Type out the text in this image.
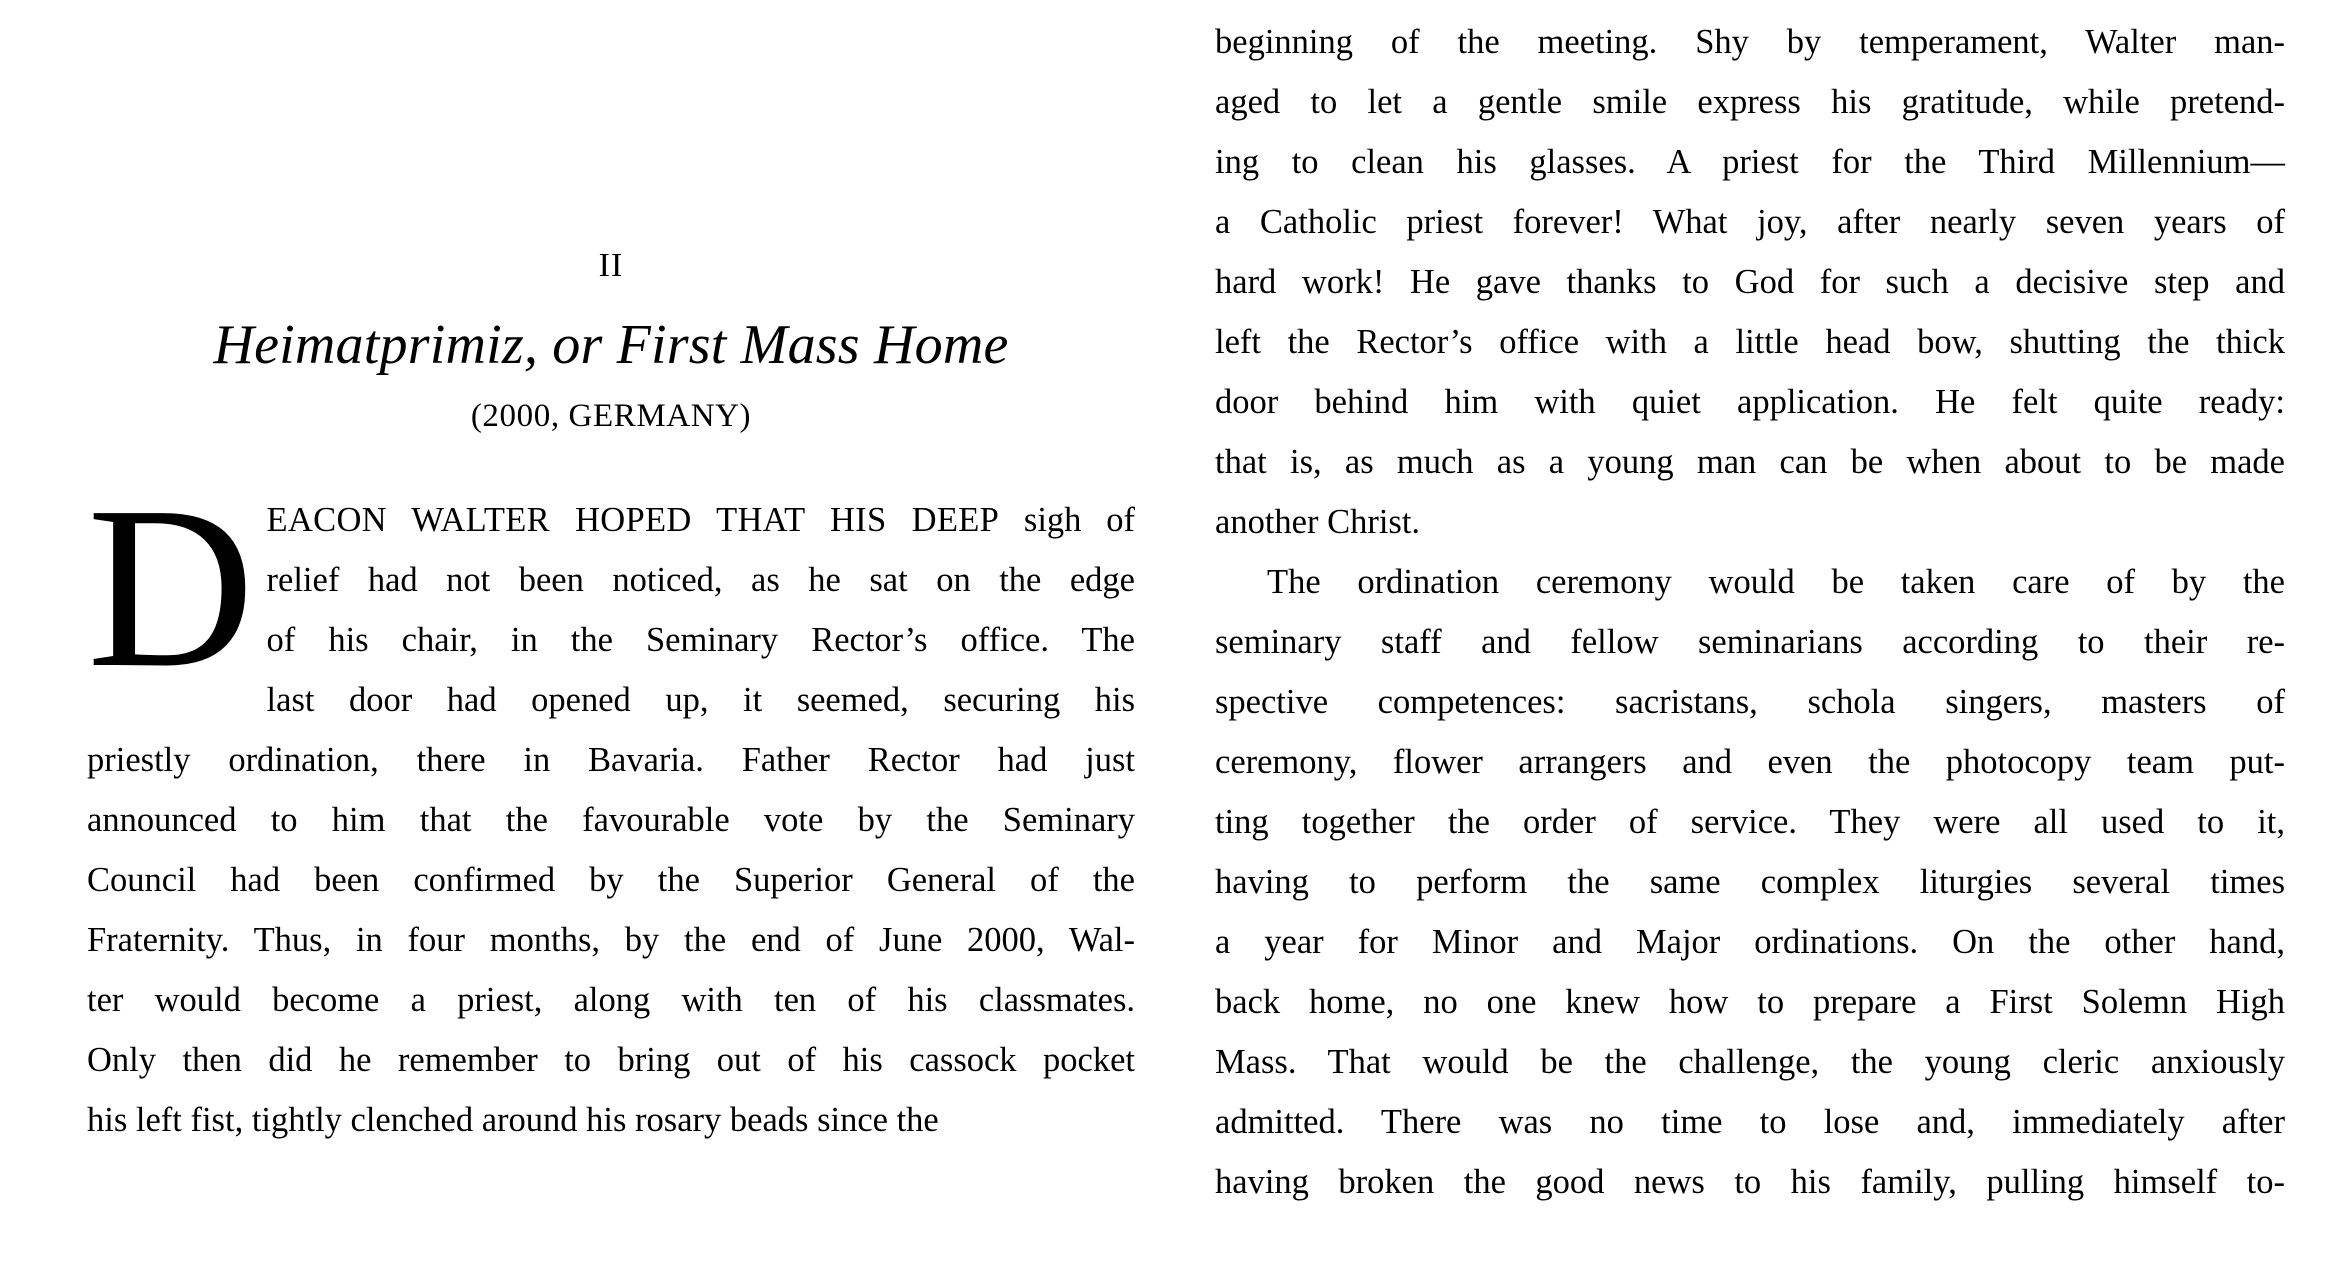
II
Heimatprimiz, or First Mass Home
(2000, GERMANY)
D EACON WALTER HOPED THAT HIS DEEP sigh of
relief had not been noticed, as he sat on the edge
of his chair, in the Seminary Rector’s office. The
last door had opened up, it seemed, securing his
priestly ordination, there in Bavaria. Father Rector had just
announced to him that the favourable vote by the Seminary
Council had been confirmed by the Superior General of the
Fraternity. Thus, in four months, by the end of June 2000, Wal-
ter would become a priest, along with ten of his classmates.
Only then did he remember to bring out of his cassock pocket
his left fist, tightly clenched around his rosary beads since the
beginning of the meeting. Shy by temperament, Walter man-
aged to let a gentle smile express his gratitude, while pretend-
ing to clean his glasses. A priest for the Third Millennium—
a Catholic priest forever! What joy, after nearly seven years of
hard work! He gave thanks to God for such a decisive step and
left the Rector’s office with a little head bow, shutting the thick
door behind him with quiet application. He felt quite ready:
that is, as much as a young man can be when about to be made
another Christ.
The ordination ceremony would be taken care of by the
seminary staff and fellow seminarians according to their re-
spective competences: sacristans, schola singers, masters of
ceremony, flower arrangers and even the photocopy team put-
ting together the order of service. They were all used to it,
having to perform the same complex liturgies several times
a year for Minor and Major ordinations. On the other hand,
back home, no one knew how to prepare a First Solemn High
Mass. That would be the challenge, the young cleric anxiously
admitted. There was no time to lose and, immediately after
having broken the good news to his family, pulling himself to-
